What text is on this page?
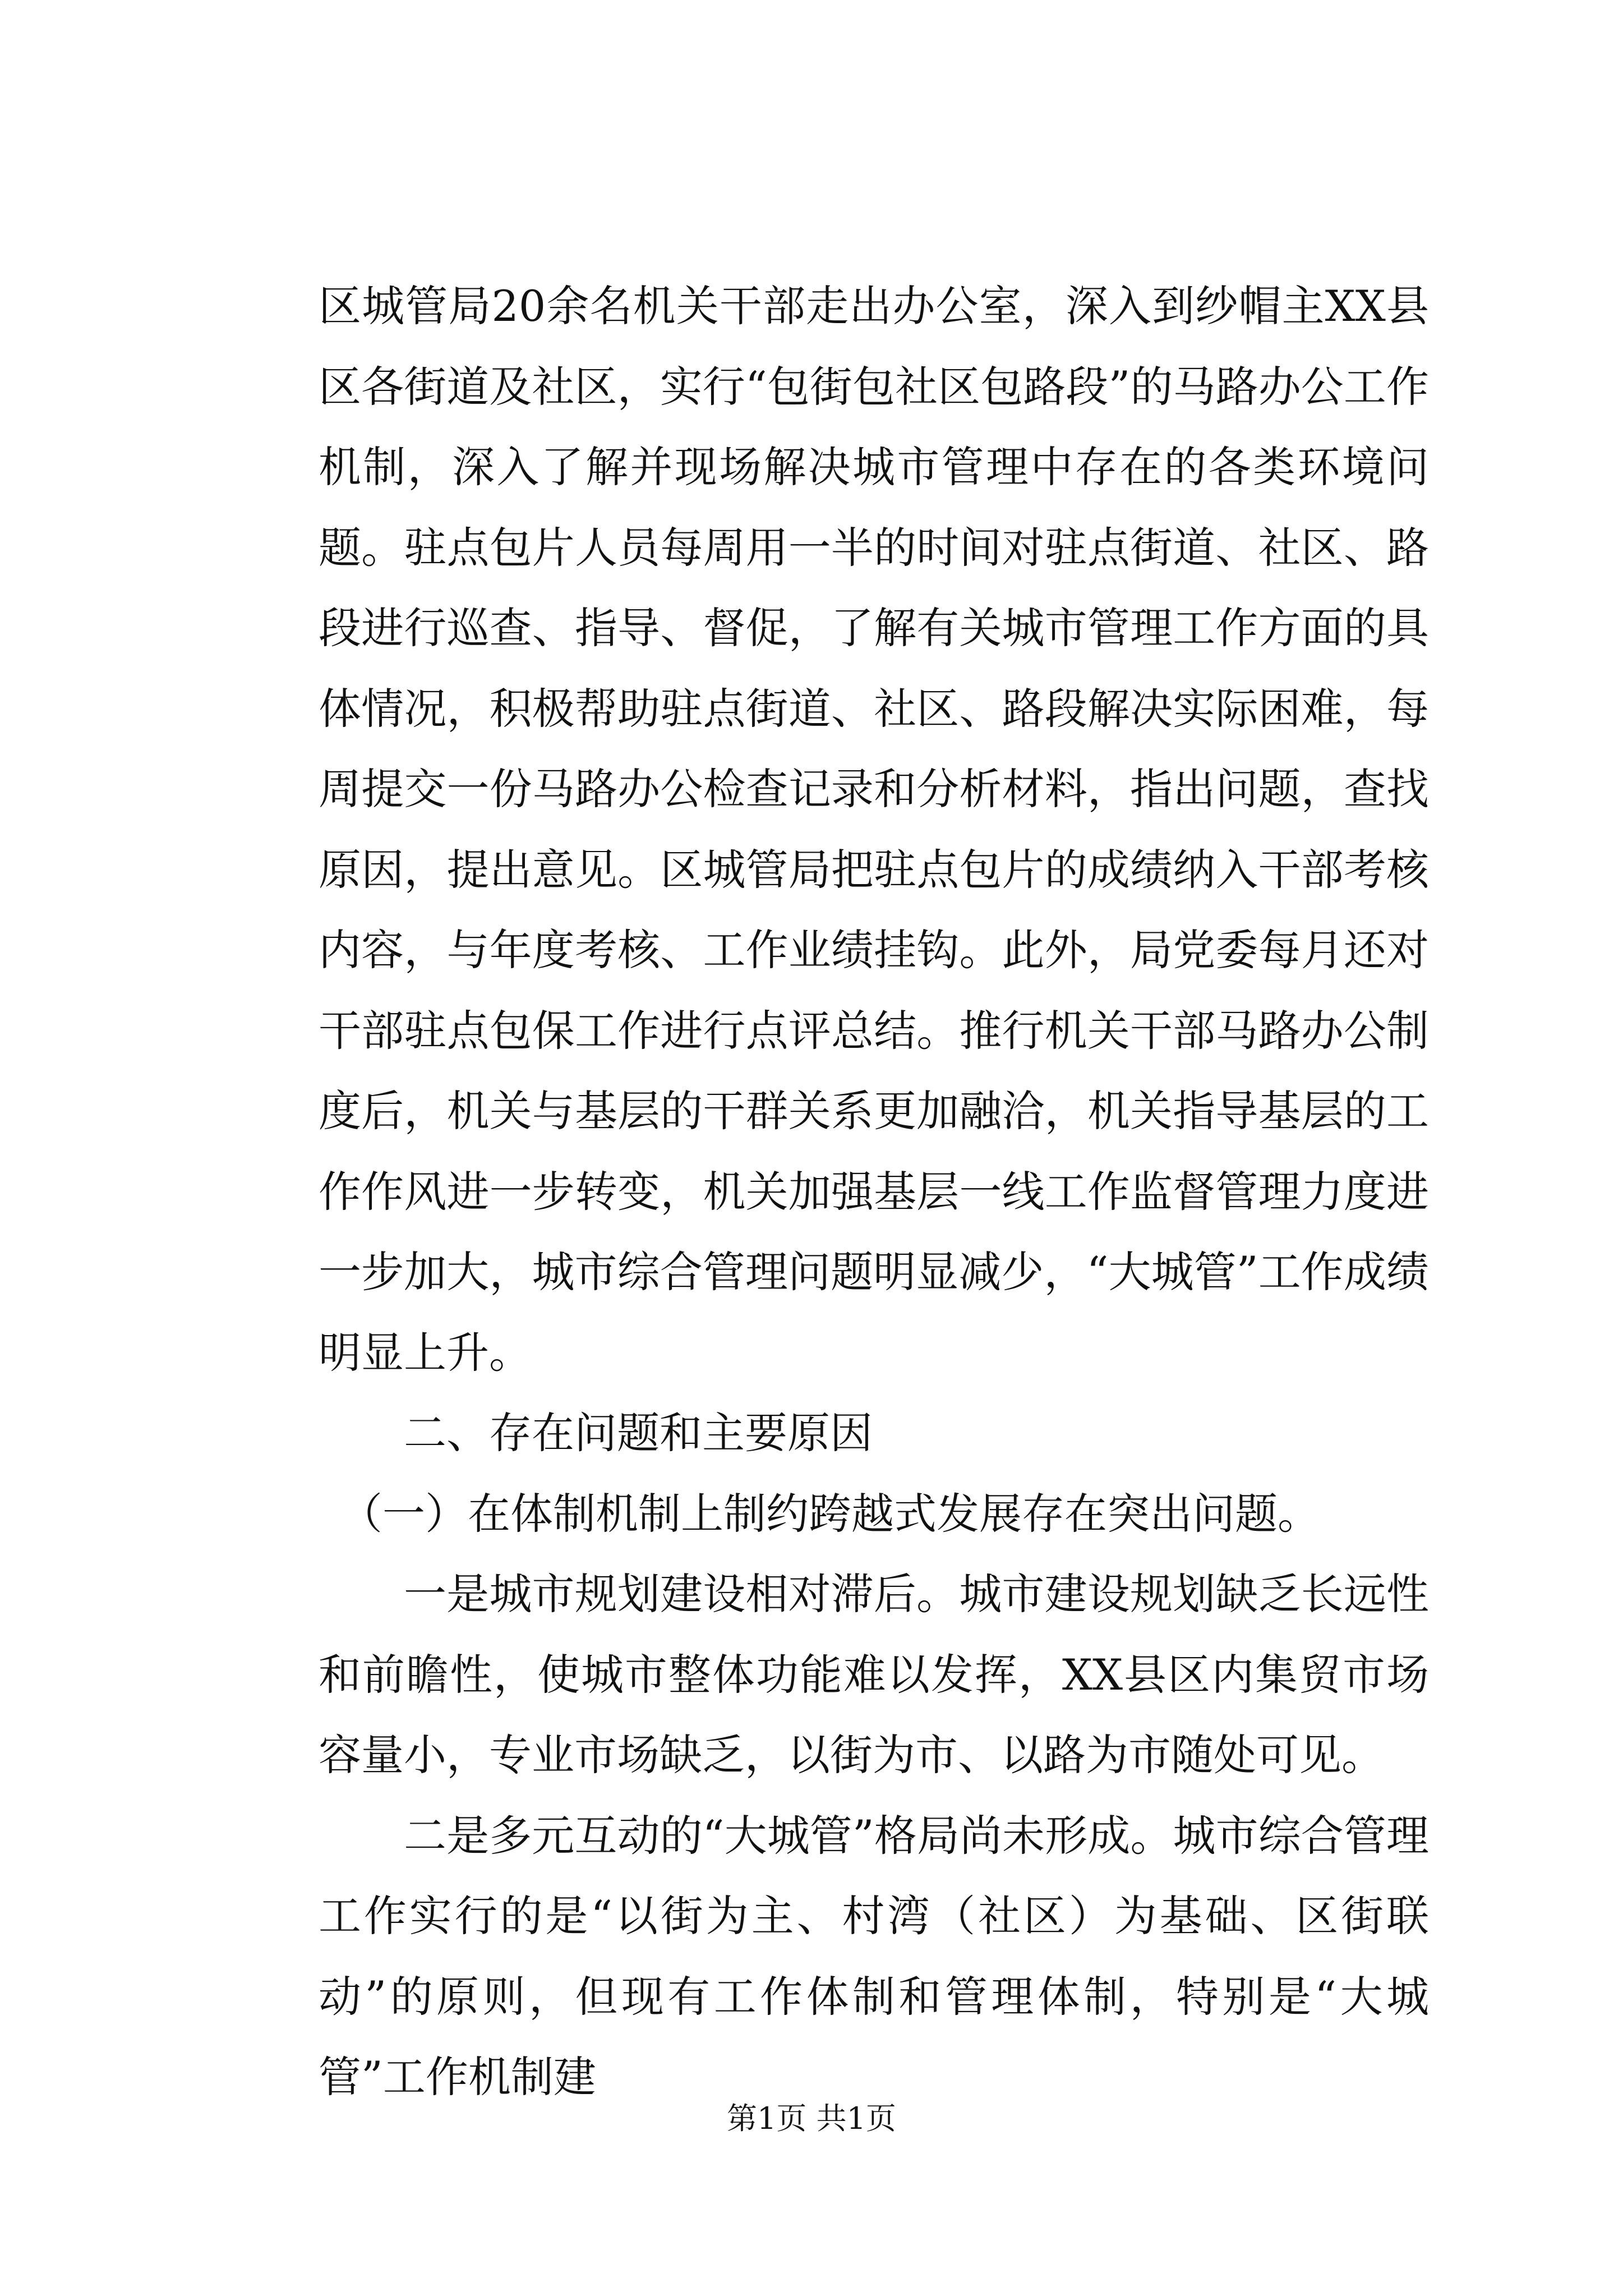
区城管局20余名机关干部走出办公室，深入到纱帽主XX县区各街道及社区，实行“包街包社区包路段”的马路办公工作机制，深入了解并现场解决城市管理中存在的各类环境问题。驻点包片人员每周用一半的时间对驻点街道、社区、路段进行巡查、指导、督促，了解有关城市管理工作方面的具体情况，积极帮助驻点街道、社区、路段解决实际困难，每周提交一份马路办公检查记录和分析材料，指出问题，查找原因，提出意见。区城管局把驻点包片的成绩纳入干部考核内容，与年度考核、工作业绩挂钩。此外，局党委每月还对干部驻点包保工作进行点评总结。推行机关干部马路办公制度后，机关与基层的干群关系更加融洽，机关指导基层的工作作风进一步转变，机关加强基层一线工作监督管理力度进一步加大，城市综合管理问题明显减少，“大城管”工作成绩明显上升。

二、存在问题和主要原因

（一）在体制机制上制约跨越式发展存在突出问题。

一是城市规划建设相对滞后。城市建设规划缺乏长远性和前瞻性，使城市整体功能难以发挥，XX县区内集贸市场容量小，专业市场缺乏，以街为市、以路为市随处可见。

二是多元互动的“大城管”格局尚未形成。城市综合管理工作实行的是“以街为主、村湾（社区）为基础、区街联动”的原则，但现有工作体制和管理体制，特别是“大城管”工作机制建

第1页 共1页
